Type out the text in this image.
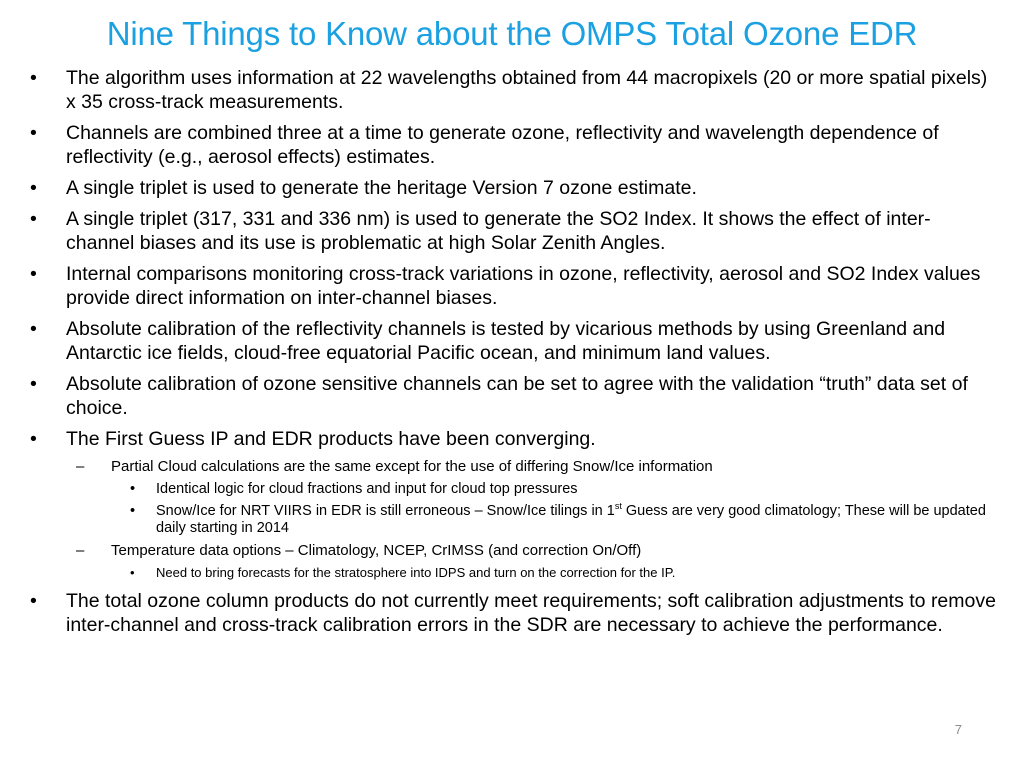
Nine Things to Know about the OMPS Total Ozone EDR
• The algorithm uses information at 22 wavelengths obtained from 44 macropixels (20 or more spatial pixels) x 35 cross-track measurements.
• Channels are combined three at a time to generate ozone, reflectivity and wavelength dependence of reflectivity (e.g., aerosol effects) estimates.
• A single triplet is used to generate the heritage Version 7 ozone estimate.
• A single triplet (317, 331 and 336 nm) is used to generate the SO2 Index. It shows the effect of inter-channel biases and its use is problematic at high Solar Zenith Angles.
• Internal comparisons monitoring cross-track variations in ozone, reflectivity, aerosol and SO2 Index values provide direct information on inter-channel biases.
• Absolute calibration of the reflectivity channels is tested by vicarious methods by using Greenland and Antarctic ice fields, cloud-free equatorial Pacific ocean, and minimum land values.
• Absolute calibration of ozone sensitive channels can be set to agree with the validation “truth” data set of choice.
• The First Guess IP and EDR products have been converging.
– Partial Cloud calculations are the same except for the use of differing Snow/Ice information
• Identical logic for cloud fractions and input for cloud top pressures
• Snow/Ice for NRT VIIRS in EDR is still erroneous – Snow/Ice tilings in 1st Guess are very good climatology; These will be updated daily starting in 2014
– Temperature data options – Climatology, NCEP, CrIMSS (and correction On/Off)
• Need to bring forecasts for the stratosphere into IDPS and turn on the correction for the IP.
• The total ozone column products do not currently meet requirements; soft calibration adjustments to remove inter-channel and cross-track calibration errors in the SDR are necessary to achieve the performance.
7
